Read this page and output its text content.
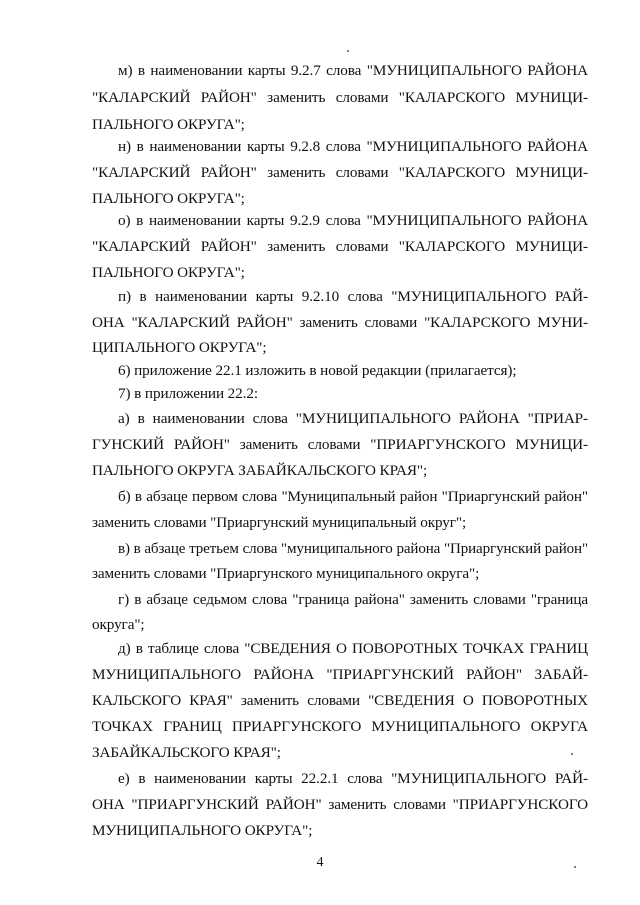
м) в наименовании карты 9.2.7 слова "МУНИЦИПАЛЬНОГО РАЙОНА
"КАЛАРСКИЙ РАЙОН" заменить словами "КАЛАРСКОГО МУНИЦИ-
ПАЛЬНОГО ОКРУГА";
н) в наименовании карты 9.2.8 слова "МУНИЦИПАЛЬНОГО РАЙОНА
"КАЛАРСКИЙ РАЙОН" заменить словами "КАЛАРСКОГО МУНИЦИ-
ПАЛЬНОГО ОКРУГА";
о) в наименовании карты 9.2.9 слова "МУНИЦИПАЛЬНОГО РАЙОНА
"КАЛАРСКИЙ РАЙОН" заменить словами "КАЛАРСКОГО МУНИЦИ-
ПАЛЬНОГО ОКРУГА";
п) в наименовании карты 9.2.10 слова "МУНИЦИПАЛЬНОГО РАЙ-
ОНА "КАЛАРСКИЙ РАЙОН" заменить словами "КАЛАРСКОГО МУНИ-
ЦИПАЛЬНОГО ОКРУГА";
6) приложение 22.1 изложить в новой редакции (прилагается);
7) в приложении 22.2:
а) в наименовании слова "МУНИЦИПАЛЬНОГО РАЙОНА "ПРИАР-
ГУНСКИЙ РАЙОН" заменить словами "ПРИАРГУНСКОГО МУНИЦИ-
ПАЛЬНОГО ОКРУГА ЗАБАЙКАЛЬСКОГО КРАЯ";
б) в абзаце первом слова "Муниципальный район "Приаргунский район"
заменить словами "Приаргунский муниципальный округ";
в) в абзаце третьем слова "муниципального района "Приаргунский район"
заменить словами "Приаргунского муниципального округа";
г) в абзаце седьмом слова "граница района" заменить словами "граница
округа";
д) в таблице слова "СВЕДЕНИЯ О ПОВОРОТНЫХ ТОЧКАХ ГРАНИЦ
МУНИЦИПАЛЬНОГО РАЙОНА "ПРИАРГУНСКИЙ РАЙОН" ЗАБАЙ-
КАЛЬСКОГО КРАЯ" заменить словами "СВЕДЕНИЯ О ПОВОРОТНЫХ
ТОЧКАХ ГРАНИЦ ПРИАРГУНСКОГО МУНИЦИПАЛЬНОГО ОКРУГА
ЗАБАЙКАЛЬСКОГО КРАЯ";
е) в наименовании карты 22.2.1 слова "МУНИЦИПАЛЬНОГО РАЙ-
ОНА "ПРИАРГУНСКИЙ РАЙОН" заменить словами "ПРИАРГУНСКОГО
МУНИЦИПАЛЬНОГО ОКРУГА";
4
